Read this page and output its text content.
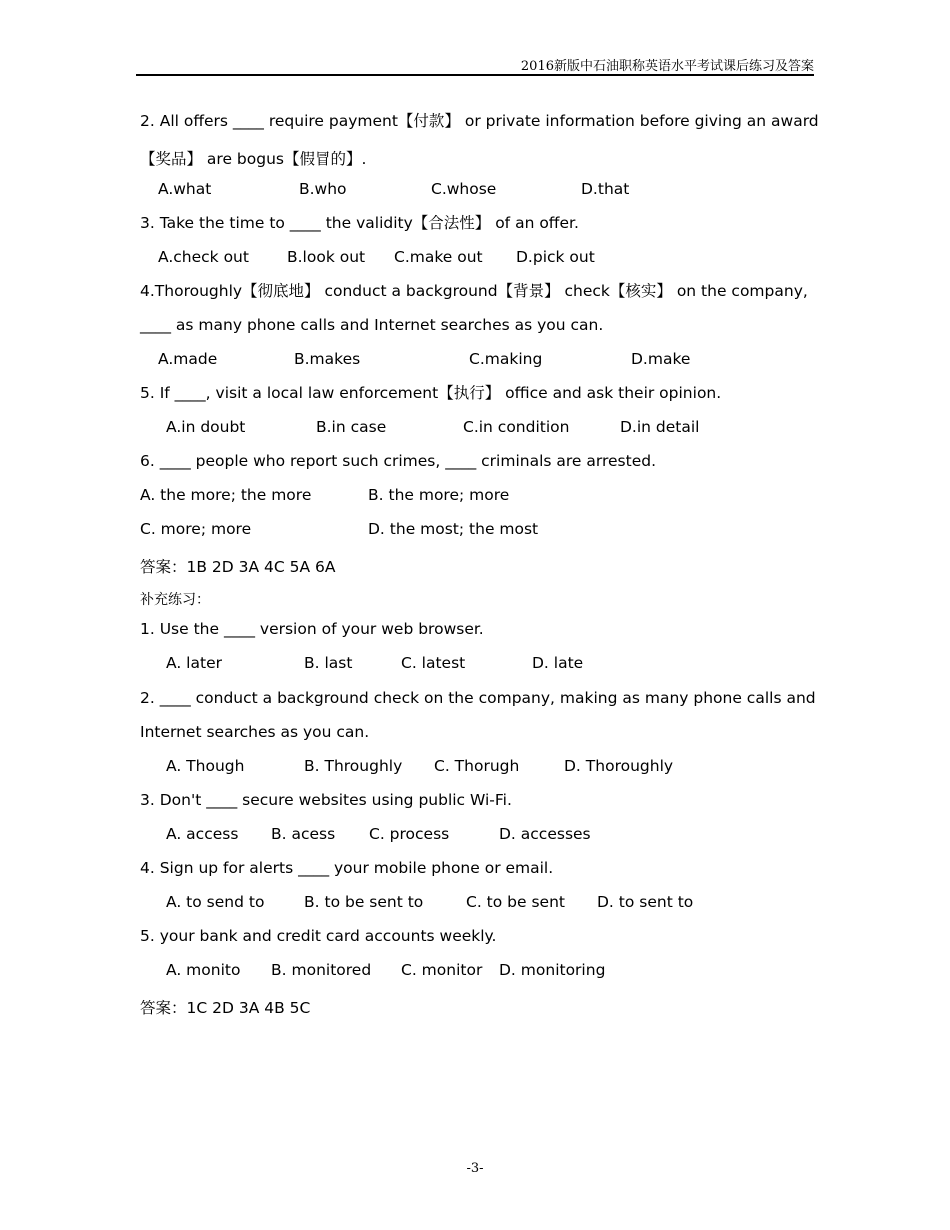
2016新版中石油职称英语水平考试课后练习及答案
2. All offers ____ require payment【付款】 or private information before giving an award
【奖品】 are bogus【假冒的】.
A.what	B.who	C.whose	D.that
3. Take the time to ____ the validity【合法性】 of an offer.
A.check out B.look out C.make out D.pick out
4.Thoroughly【彻底地】 conduct a background【背景】 check【核实】 on the company,
____ as many phone calls and Internet searches as you can.
A.made	B.makes	C.making	D.make
5. If ____, visit a local law enforcement【执行】 office and ask their opinion.
A.in doubt	B.in case	C.in condition	D.in detail
6. ____ people who report such crimes, ____ criminals are arrested.
A. the more; the more	B. the more; more
C. more; more	D. the most; the most
答案：1B 2D 3A 4C 5A 6A
补充练习：
1. Use the ____ version of your web browser.
A. later	B. last	C. latest	D. late
2. ____ conduct a background check on the company, making as many phone calls and
Internet searches as you can.
A. Though	B. Throughly C. Thorugh	D. Thoroughly
3. Don't ____ secure websites using public Wi-Fi.
A. access B. acess C. process	D. accesses
4. Sign up for alerts ____ your mobile phone or email.
A. to send to	B. to be sent to	C. to be sent D. to sent to
5. your bank and credit card accounts weekly.
A. monito B. monitored C. monitor D. monitoring
答案：1C 2D 3A 4B 5C
-3-
